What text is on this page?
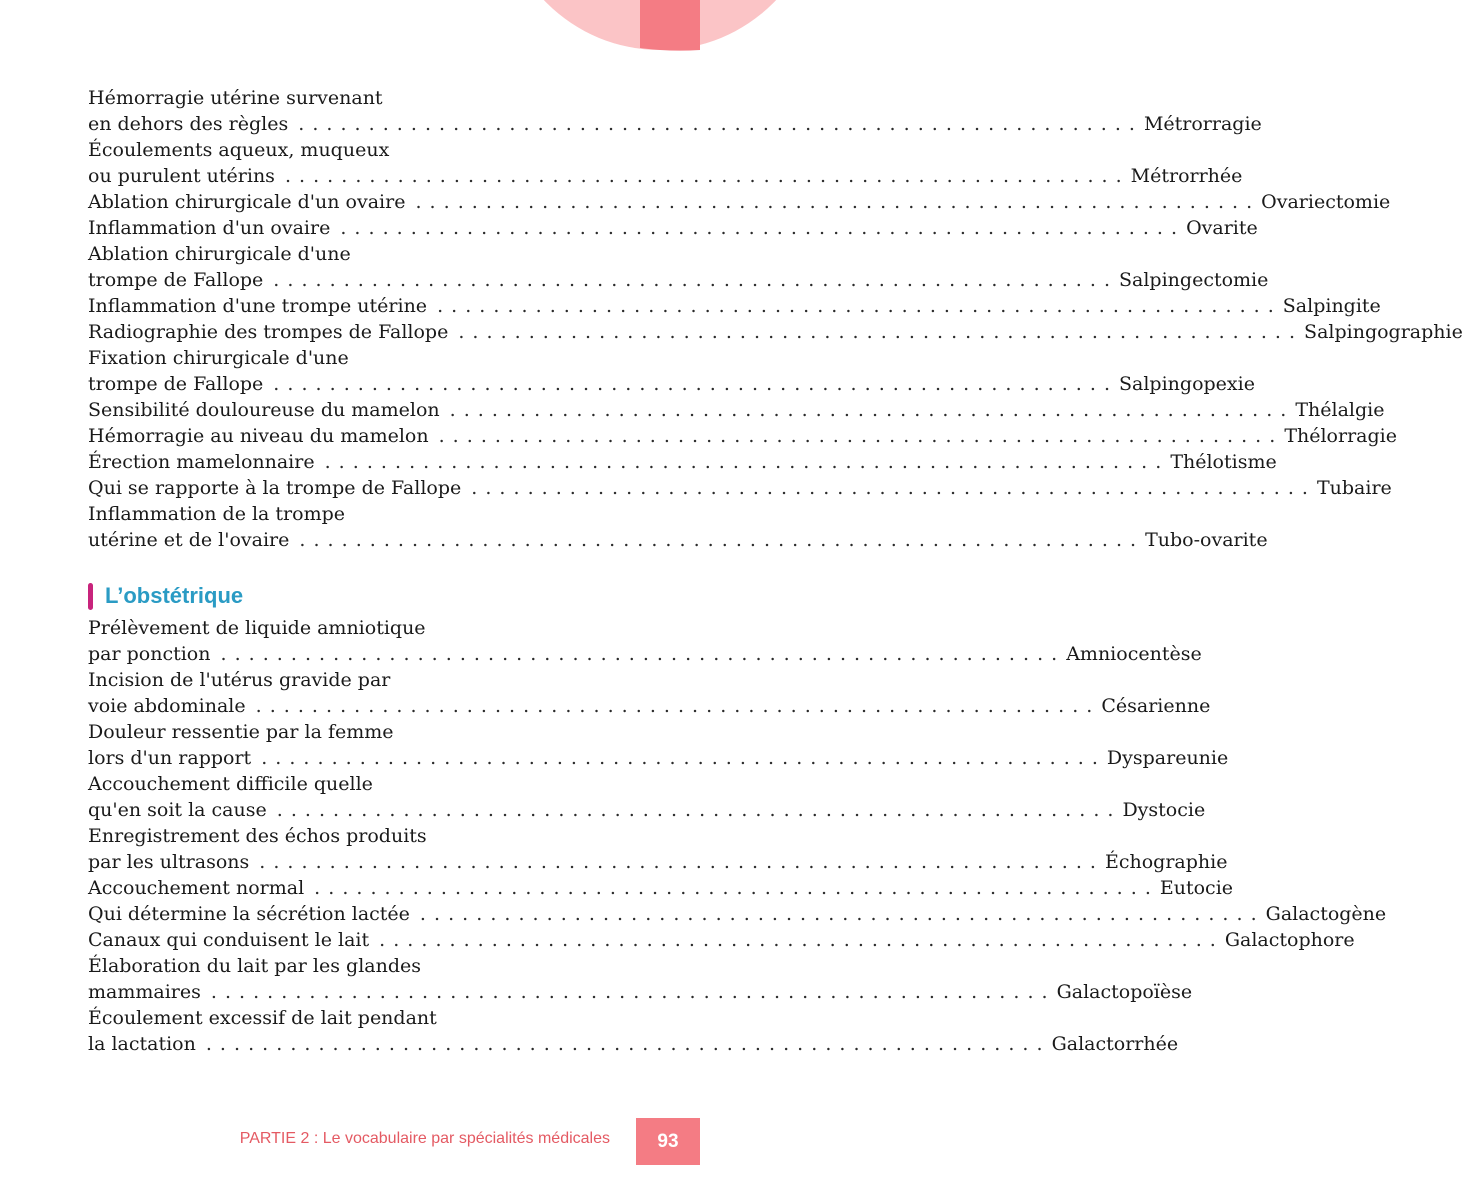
Hémorragie utérine survenant
en dehors des règles . . . . . . . . . . . . . . . . . . . . . . . . . . . . . . . . . . . . . . . . . . . . . . . . . . . . . . . . . . . . Métrorragie
Écoulements aqueux, muqueux
ou purulent utérins . . . . . . . . . . . . . . . . . . . . . . . . . . . . . . . . . . . . . . . . . . . . . . . . . . . . . . . . . . . . Métrorrhée
Ablation chirurgicale d'un ovaire . . . . . . . . . . . . . . . . . . . . . . . . . . . . . . . . . . . . . . . . . . . . . . . . . . . . . . . . . . . . Ovariectomie
Inflammation d'un ovaire . . . . . . . . . . . . . . . . . . . . . . . . . . . . . . . . . . . . . . . . . . . . . . . . . . . . . . . . . . . . Ovarite
Ablation chirurgicale d'une
trompe de Fallope . . . . . . . . . . . . . . . . . . . . . . . . . . . . . . . . . . . . . . . . . . . . . . . . . . . . . . . . . . . . Salpingectomie
Inflammation d'une trompe utérine . . . . . . . . . . . . . . . . . . . . . . . . . . . . . . . . . . . . . . . . . . . . . . . . . . . . . . . . . . . . Salpingite
Radiographie des trompes de Fallope . . . . . . . . . . . . . . . . . . . . . . . . . . . . . . . . . . . . . . . . . . . . . . . . . . . . . . . . . . . . Salpingographie
Fixation chirurgicale d'une
trompe de Fallope . . . . . . . . . . . . . . . . . . . . . . . . . . . . . . . . . . . . . . . . . . . . . . . . . . . . . . . . . . . . Salpingopexie
Sensibilité douloureuse du mamelon . . . . . . . . . . . . . . . . . . . . . . . . . . . . . . . . . . . . . . . . . . . . . . . . . . . . . . . . . . . . Thélalgie
Hémorragie au niveau du mamelon . . . . . . . . . . . . . . . . . . . . . . . . . . . . . . . . . . . . . . . . . . . . . . . . . . . . . . . . . . . . Thélorragie
Érection mamelonnaire . . . . . . . . . . . . . . . . . . . . . . . . . . . . . . . . . . . . . . . . . . . . . . . . . . . . . . . . . . . . Thélotisme
Qui se rapporte à la trompe de Fallope . . . . . . . . . . . . . . . . . . . . . . . . . . . . . . . . . . . . . . . . . . . . . . . . . . . . . . . . . . . . Tubaire
Inflammation de la trompe
utérine et de l'ovaire . . . . . . . . . . . . . . . . . . . . . . . . . . . . . . . . . . . . . . . . . . . . . . . . . . . . . . . . . . . . Tubo-ovarite
L’obstétrique
Prélèvement de liquide amniotique
par ponction . . . . . . . . . . . . . . . . . . . . . . . . . . . . . . . . . . . . . . . . . . . . . . . . . . . . . . . . . . . . Amniocentèse
Incision de l'utérus gravide par
voie abdominale . . . . . . . . . . . . . . . . . . . . . . . . . . . . . . . . . . . . . . . . . . . . . . . . . . . . . . . . . . . . Césarienne
Douleur ressentie par la femme
lors d'un rapport . . . . . . . . . . . . . . . . . . . . . . . . . . . . . . . . . . . . . . . . . . . . . . . . . . . . . . . . . . . . Dyspareunie
Accouchement difficile quelle
qu'en soit la cause . . . . . . . . . . . . . . . . . . . . . . . . . . . . . . . . . . . . . . . . . . . . . . . . . . . . . . . . . . . . Dystocie
Enregistrement des échos produits
par les ultrasons . . . . . . . . . . . . . . . . . . . . . . . . . . . . . . . . . . . . . . . . . . . . . . . . . . . . . . . . . . . . Échographie
Accouchement normal . . . . . . . . . . . . . . . . . . . . . . . . . . . . . . . . . . . . . . . . . . . . . . . . . . . . . . . . . . . . Eutocie
Qui détermine la sécrétion lactée . . . . . . . . . . . . . . . . . . . . . . . . . . . . . . . . . . . . . . . . . . . . . . . . . . . . . . . . . . . . Galactogène
Canaux qui conduisent le lait . . . . . . . . . . . . . . . . . . . . . . . . . . . . . . . . . . . . . . . . . . . . . . . . . . . . . . . . . . . . Galactophore
Élaboration du lait par les glandes
mammaires . . . . . . . . . . . . . . . . . . . . . . . . . . . . . . . . . . . . . . . . . . . . . . . . . . . . . . . . . . . . Galactopoïèse
Écoulement excessif de lait pendant
la lactation . . . . . . . . . . . . . . . . . . . . . . . . . . . . . . . . . . . . . . . . . . . . . . . . . . . . . . . . . . . . Galactorrhée
PARTIE 2 : Le vocabulaire par spécialités médicales 93
